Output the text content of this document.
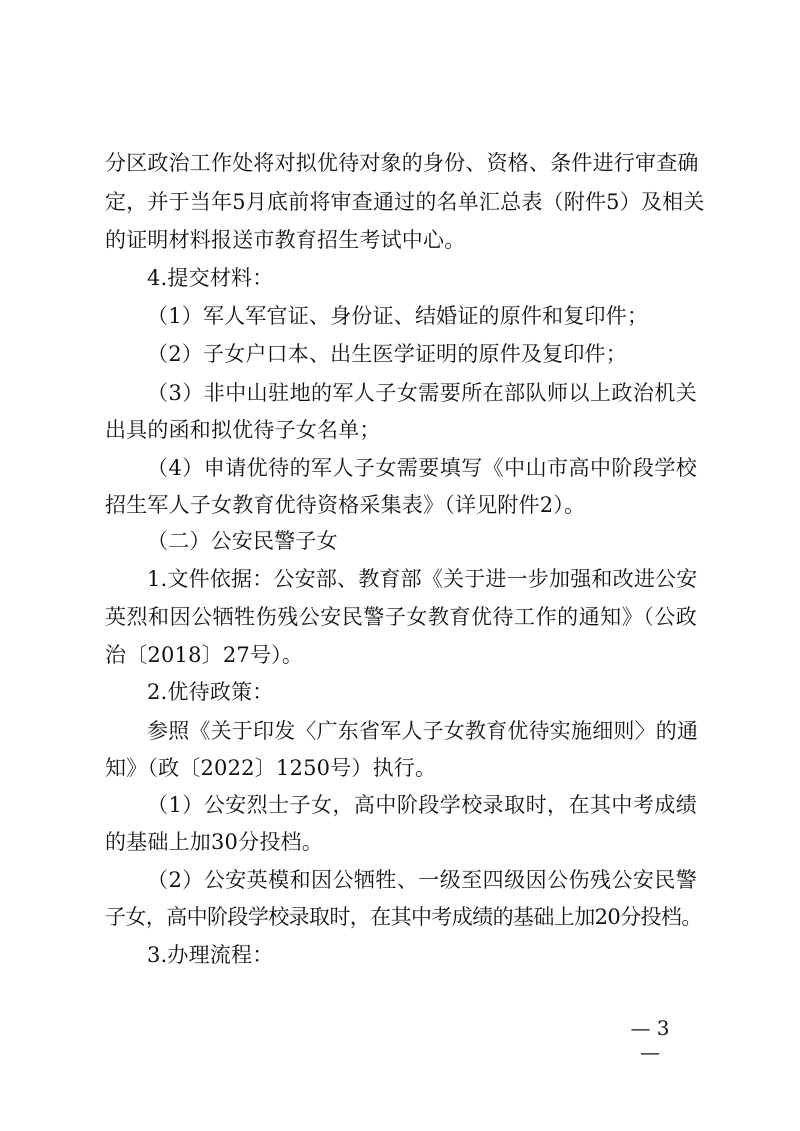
分区政治工作处将对拟优待对象的身份、资格、条件进行审查确
定，并于当年5月底前将审查通过的名单汇总表（附件5）及相关
的证明材料报送市教育招生考试中心。
4.提交材料：
（1）军人军官证、身份证、结婚证的原件和复印件；
（2）子女户口本、出生医学证明的原件及复印件；
（3）非中山驻地的军人子女需要所在部队师以上政治机关
出具的函和拟优待子女名单；
（4）申请优待的军人子女需要填写《中山市高中阶段学校
招生军人子女教育优待资格采集表》（详见附件2）。
（二）公安民警子女
1.文件依据：公安部、教育部《关于进一步加强和改进公安
英烈和因公牺牲伤残公安民警子女教育优待工作的通知》（公政
治〔2018〕27号）。
2.优待政策：
参照《关于印发〈广东省军人子女教育优待实施细则〉的通
知》（政〔2022〕1250号）执行。
（1）公安烈士子女，高中阶段学校录取时，在其中考成绩
的基础上加30分投档。
（2）公安英模和因公牺牲、一级至四级因公伤残公安民警
子女，高中阶段学校录取时，在其中考成绩的基础上加20分投档。
3.办理流程：
— 3 —
